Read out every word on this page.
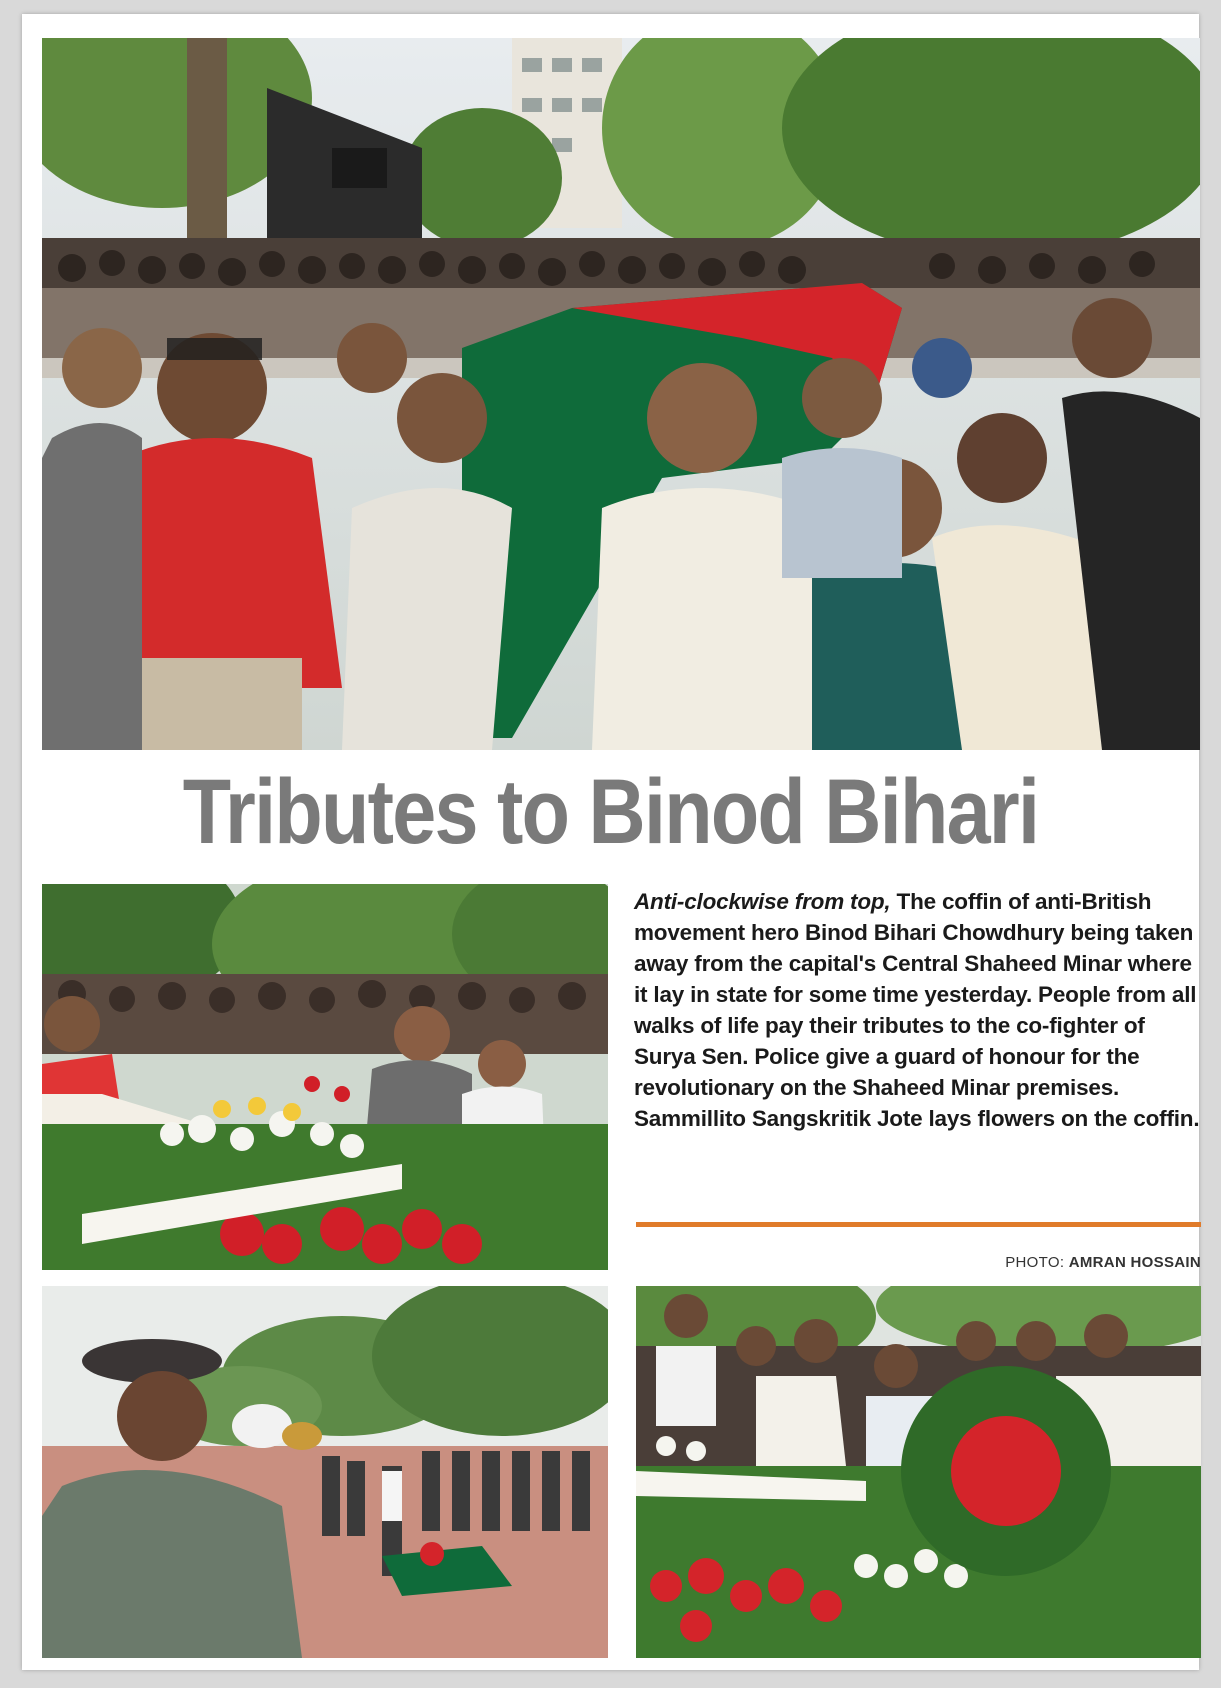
Tributes to Binod Bihari
Anti-clockwise from top, The coffin of anti-British movement hero Binod Bihari Chowdhury being taken away from the capital's Central Shaheed Minar where it lay in state for some time yesterday. People from all walks of life pay their tributes to the co-fighter of Surya Sen. Police give a guard of honour for the revolutionary on the Shaheed Minar premises. Sammillito Sangskritik Jote lays flowers on the coffin.
PHOTO: AMRAN HOSSAIN
